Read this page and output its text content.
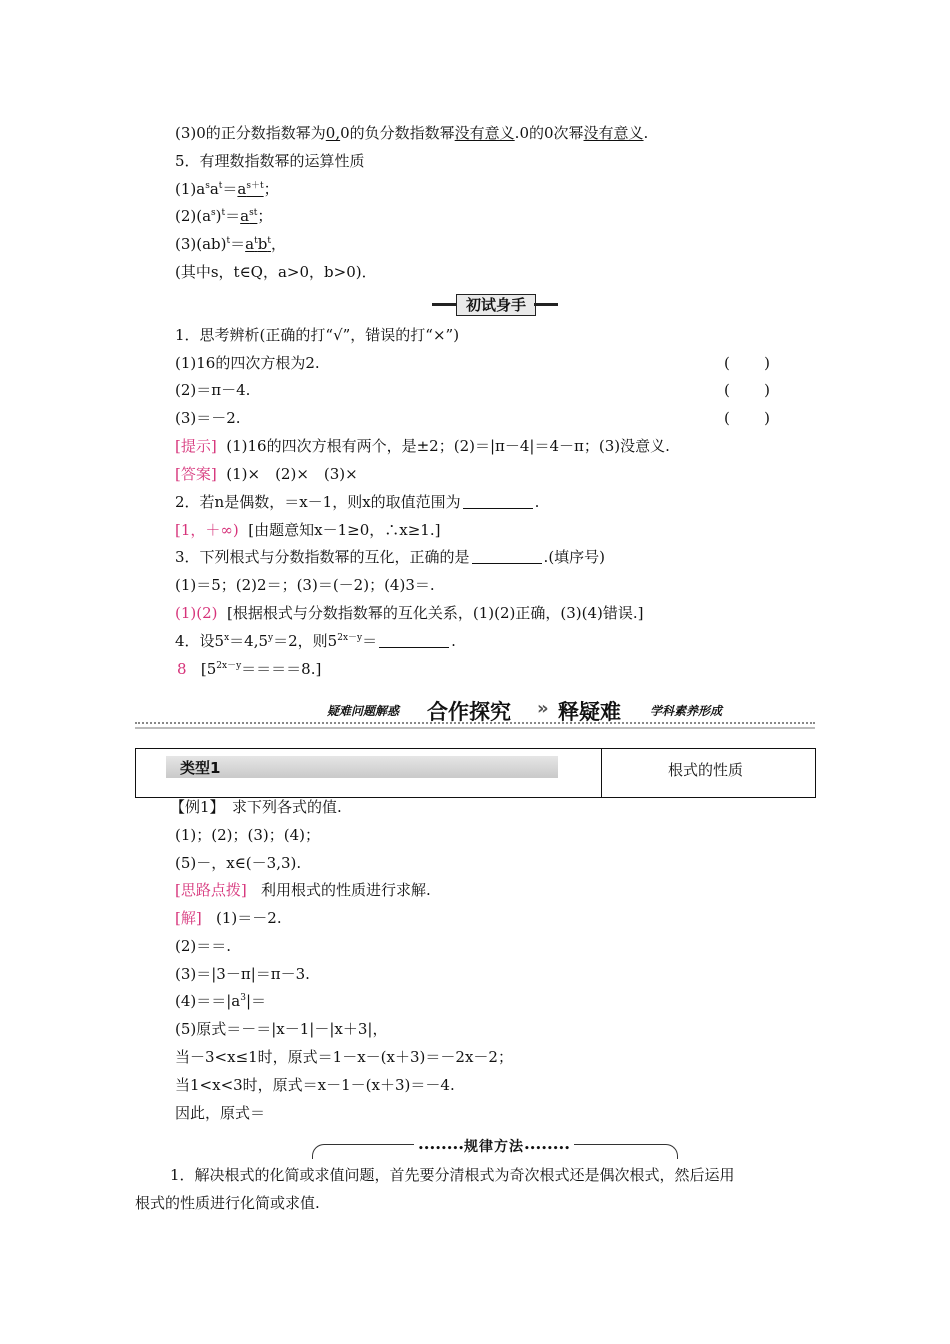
(3)0的正分数指数幂为0,0的负分数指数幂没有意义.0的0次幂没有意义.
5．有理数指数幂的运算性质
$(1)a^sa^t=a^{s+t}$；
$(2)(a^s)^t=a^{st}$；
$(3)(ab)^t=a^tb^t$，
(其中s，t∈Q，a>0，b>0)．
初试身手
1．思考辨析(正确的打“√”，错误的打“×”)
(1)16的四次方根为2.	( )
(2)＝π－4.	( )
(3)＝－2.	( )
[提示] (1)16的四次方根有两个，是±2；(2)＝|π－4|＝4－π；(3)没意义.
[答案] (1)×　(2)×　(3)×
2．若n是偶数，＝x－1，则x的取值范围为	.
[1，＋∞) [由题意知x－1≥0，∴x≥1.]
3．下列根式与分数指数幂的互化，正确的是	.(填序号)
(1)＝5；(2)2＝；(3)＝(－2)；(4)3＝.
(1)(2) [根据根式与分数指数幂的互化关系，(1)(2)正确，(3)(4)错误.]
4．设$5^x=4,5^y=2$，则$5^{2x-y}=$	.
8 $[5^{2x-y}====8.]$
疑难问题解惑 合作探究 » 释疑难 学科素养形成
类型1	根式的性质
【例1】　求下列各式的值.
(1)；(2)；(3)；(4)；
(5)－，x∈(－3,3).
[思路点拨] 利用根式的性质进行求解.
[解] (1)＝－2.
(2)＝＝.
(3)＝|3－π|＝π－3.
$(4)==|a^3|=$
(5)原式＝－＝|x－1|－|x＋3|，
当－3<x≤1时，原式＝1－x－(x＋3)＝－2x－2；
当1<x<3时，原式＝x－1－(x＋3)＝－4.
因此，原式＝
••••••••规律方法••••••••
1．解决根式的化简或求值问题，首先要分清根式为奇次根式还是偶次根式，然后运用
根式的性质进行化简或求值.
